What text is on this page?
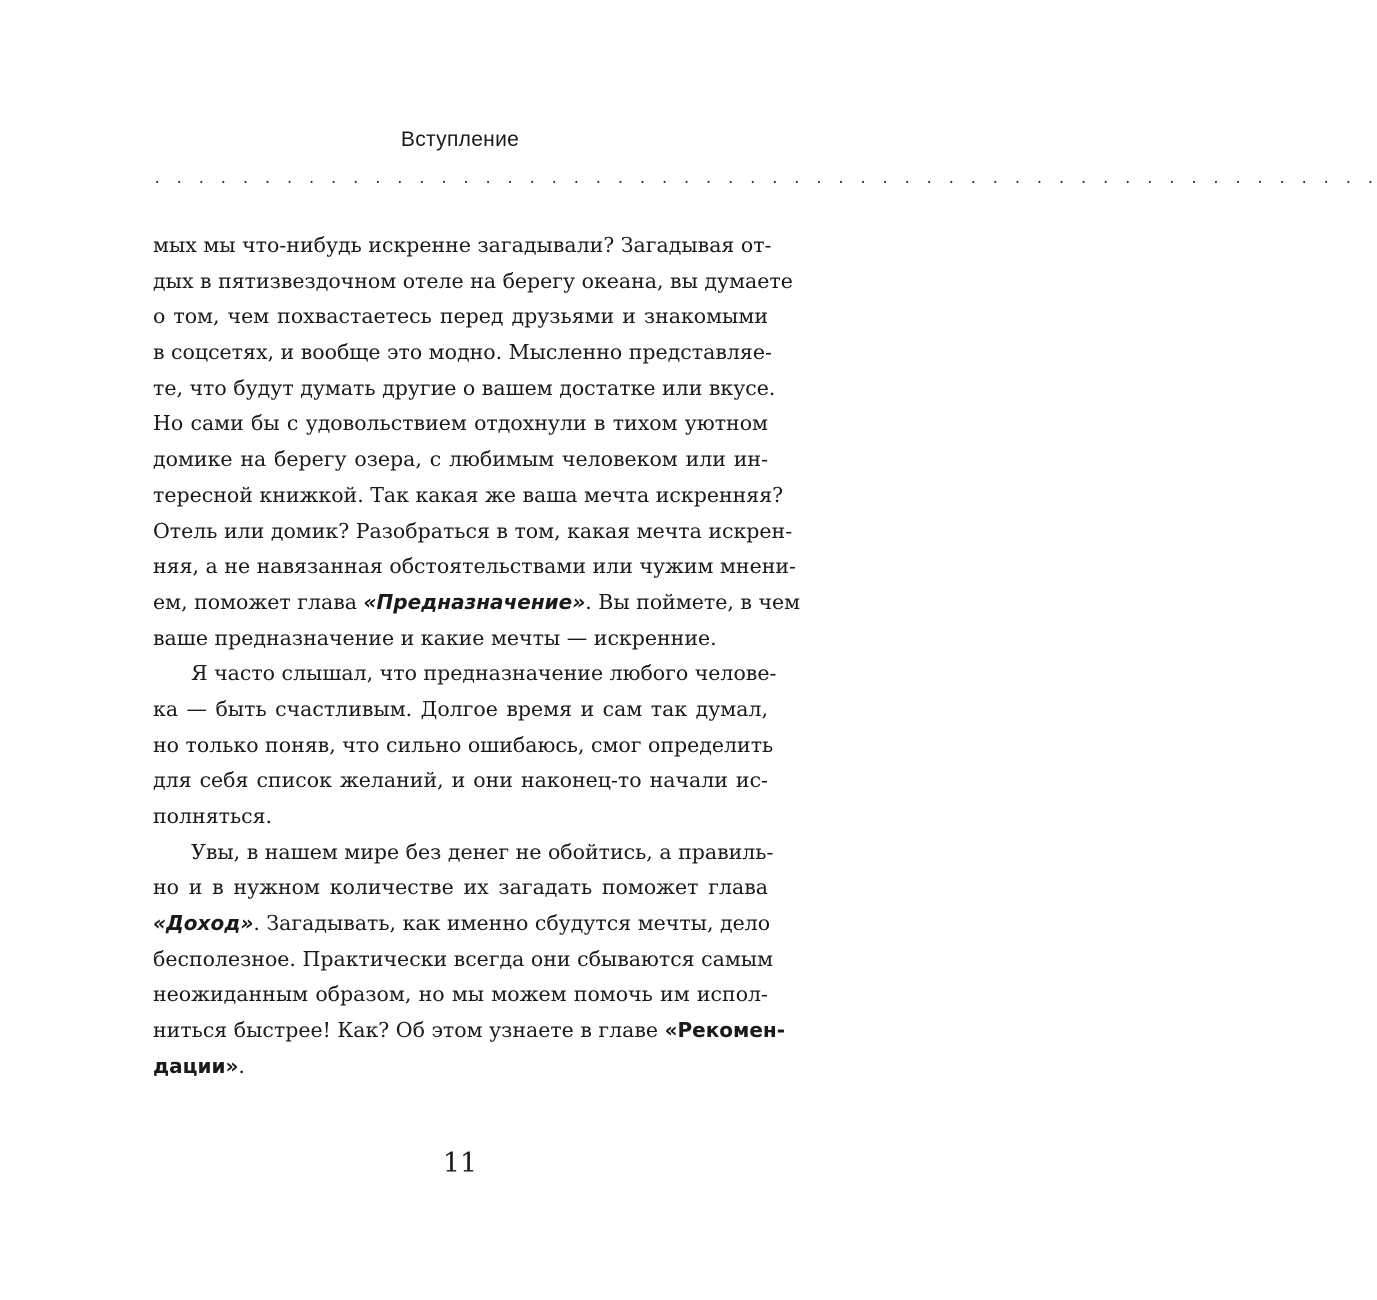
Вступление
. . . . . . . . . . . . . . . . . . . . . . . . . . . . . . . . . . . . . . . . . . . . . . . . . . . . . . . .
мых мы что-нибудь искренне загадывали? Загадывая от-
дых в пятизвездочном отеле на берегу океана, вы думаете
о том, чем похвастаетесь перед друзьями и знакомыми
в соцсетях, и вообще это модно. Мысленно представляе-
те, что будут думать другие о вашем достатке или вкусе.
Но сами бы с удовольствием отдохнули в тихом уютном
домике на берегу озера, с любимым человеком или ин-
тересной книжкой. Так какая же ваша мечта искренняя?
Отель или домик? Разобраться в том, какая мечта искрен-
няя, а не навязанная обстоятельствами или чужим мнени-
ем, поможет глава «Предназначение». Вы поймете, в чем
ваше предназначение и какие мечты — искренние.
Я часто слышал, что предназначение любого челове-
ка — быть счастливым. Долгое время и сам так думал,
но только поняв, что сильно ошибаюсь, смог определить
для себя список желаний, и они наконец-то начали ис-
полняться.
Увы, в нашем мире без денег не обойтись, а правиль-
но и в нужном количестве их загадать поможет глава
«Доход». Загадывать, как именно сбудутся мечты, дело
бесполезное. Практически всегда они сбываются самым
неожиданным образом, но мы можем помочь им испол-
ниться быстрее! Как? Об этом узнаете в главе «Рекомен-
дации».
11
